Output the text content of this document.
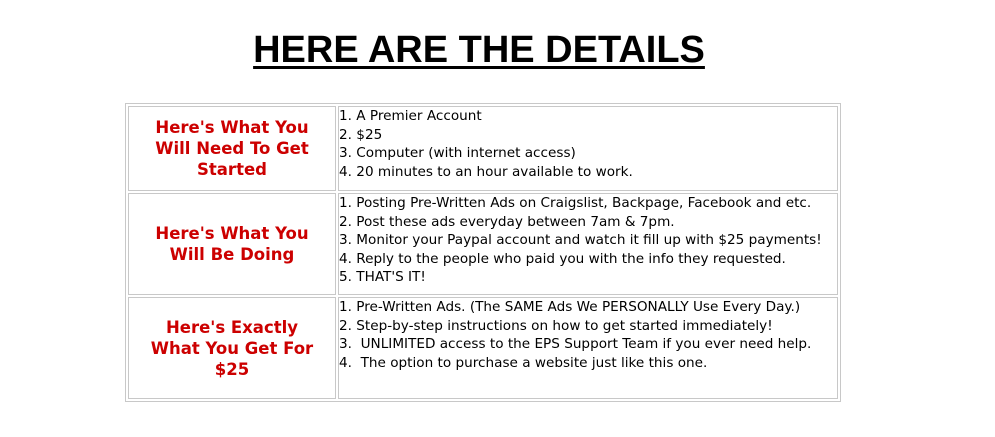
HERE ARE THE DETAILS
Here's What You Will Need To Get Started	1. A Premier Account
2. $25
3. Computer (with internet access)
4. 20 minutes to an hour available to work.

Here's What You Will Be Doing	1. Posting Pre-Written Ads on Craigslist, Backpage, Facebook and etc.
2. Post these ads everyday between 7am & 7pm.
3. Monitor your Paypal account and watch it fill up with $25 payments!
4. Reply to the people who paid you with the info they requested.
5. THAT'S IT!

Here's Exactly What You Get For $25	1. Pre-Written Ads. (The SAME Ads We PERSONALLY Use Every Day.)
2. Step-by-step instructions on how to get started immediately!
3.  UNLIMITED access to the EPS Support Team if you ever need help.
4.  The option to purchase a website just like this one.
